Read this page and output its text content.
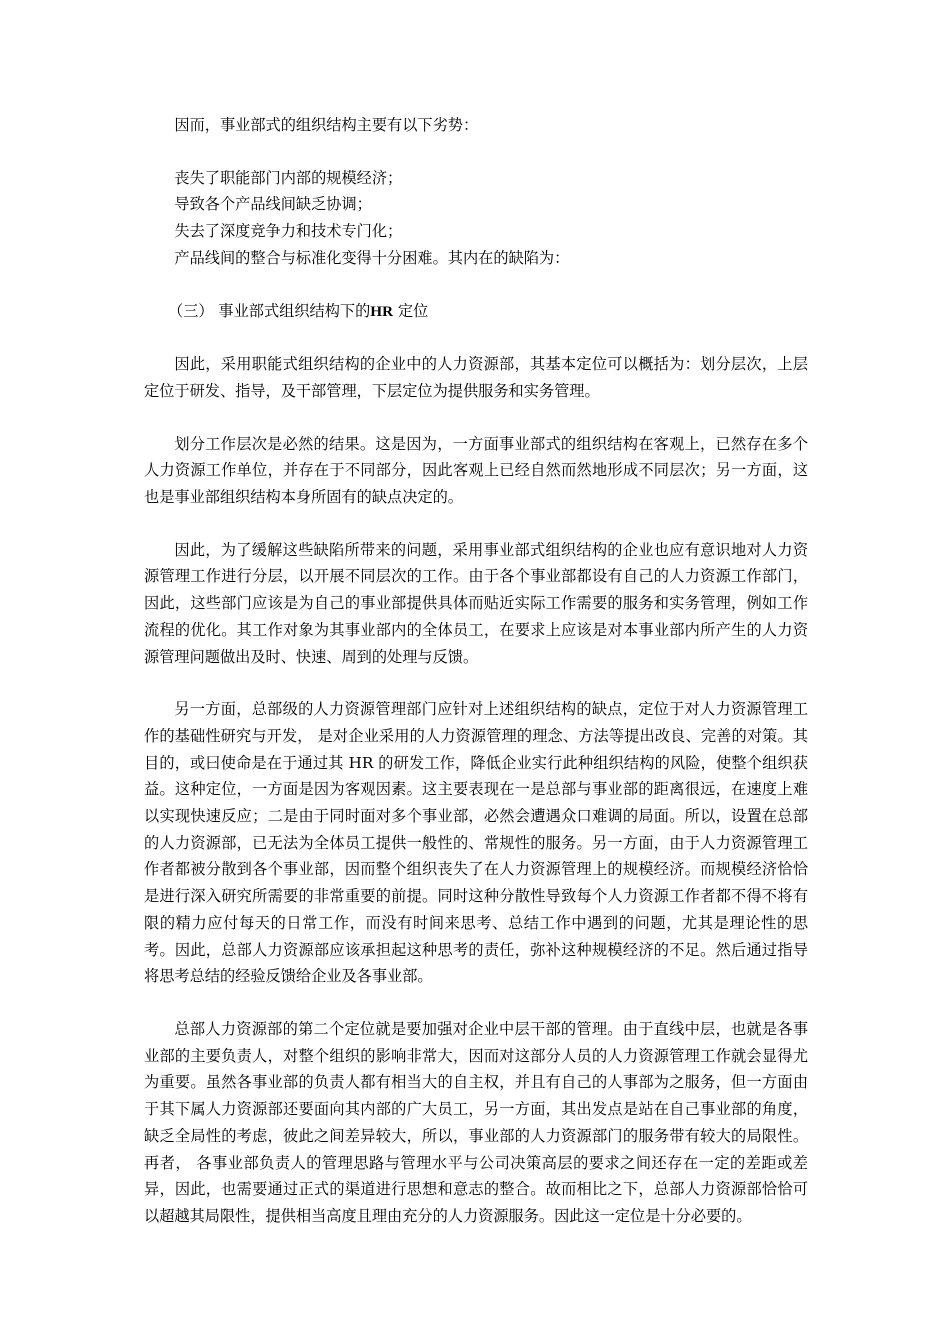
因而，事业部式的组织结构主要有以下劣势：

丧失了职能部门内部的规模经济；
导致各个产品线间缺乏协调；
失去了深度竞争力和技术专门化；
产品线间的整合与标准化变得十分困难。其内在的缺陷为：

（三） 事业部式组织结构下的HR 定位

因此，采用职能式组织结构的企业中的人力资源部，其基本定位可以概括为：划分层次，上层定位于研发、指导，及干部管理，下层定位为提供服务和实务管理。

划分工作层次是必然的结果。这是因为，一方面事业部式的组织结构在客观上，已然存在多个人力资源工作单位，并存在于不同部分，因此客观上已经自然而然地形成不同层次；另一方面，这也是事业部组织结构本身所固有的缺点决定的。

因此，为了缓解这些缺陷所带来的问题，采用事业部式组织结构的企业也应有意识地对人力资源管理工作进行分层，以开展不同层次的工作。由于各个事业部都设有自己的人力资源工作部门，因此，这些部门应该是为自己的事业部提供具体而贴近实际工作需要的服务和实务管理，例如工作流程的优化。其工作对象为其事业部内的全体员工，在要求上应该是对本事业部内所产生的人力资源管理问题做出及时、快速、周到的处理与反馈。

另一方面，总部级的人力资源管理部门应针对上述组织结构的缺点，定位于对人力资源管理工作的基础性研究与开发， 是对企业采用的人力资源管理的理念、方法等提出改良、完善的对策。其目的，或曰使命是在于通过其 HR 的研发工作，降低企业实行此种组织结构的风险，使整个组织获益。这种定位，一方面是因为客观因素。这主要表现在一是总部与事业部的距离很远，在速度上难以实现快速反应；二是由于同时面对多个事业部，必然会遭遇众口难调的局面。所以，设置在总部的人力资源部，已无法为全体员工提供一般性的、常规性的服务。另一方面，由于人力资源管理工作者都被分散到各个事业部，因而整个组织丧失了在人力资源管理上的规模经济。而规模经济恰恰是进行深入研究所需要的非常重要的前提。同时这种分散性导致每个人力资源工作者都不得不将有限的精力应付每天的日常工作，而没有时间来思考、总结工作中遇到的问题，尤其是理论性的思考。因此，总部人力资源部应该承担起这种思考的责任，弥补这种规模经济的不足。然后通过指导将思考总结的经验反馈给企业及各事业部。

总部人力资源部的第二个定位就是要加强对企业中层干部的管理。由于直线中层，也就是各事业部的主要负责人，对整个组织的影响非常大，因而对这部分人员的人力资源管理工作就会显得尤为重要。虽然各事业部的负责人都有相当大的自主权，并且有自己的人事部为之服务，但一方面由于其下属人力资源部还要面向其内部的广大员工，另一方面，其出发点是站在自己事业部的角度，缺乏全局性的考虑，彼此之间差异较大，所以，事业部的人力资源部门的服务带有较大的局限性。再者， 各事业部负责人的管理思路与管理水平与公司决策高层的要求之间还存在一定的差距或差异，因此，也需要通过正式的渠道进行思想和意志的整合。故而相比之下，总部人力资源部恰恰可以超越其局限性，提供相当高度且理由充分的人力资源服务。因此这一定位是十分必要的。
